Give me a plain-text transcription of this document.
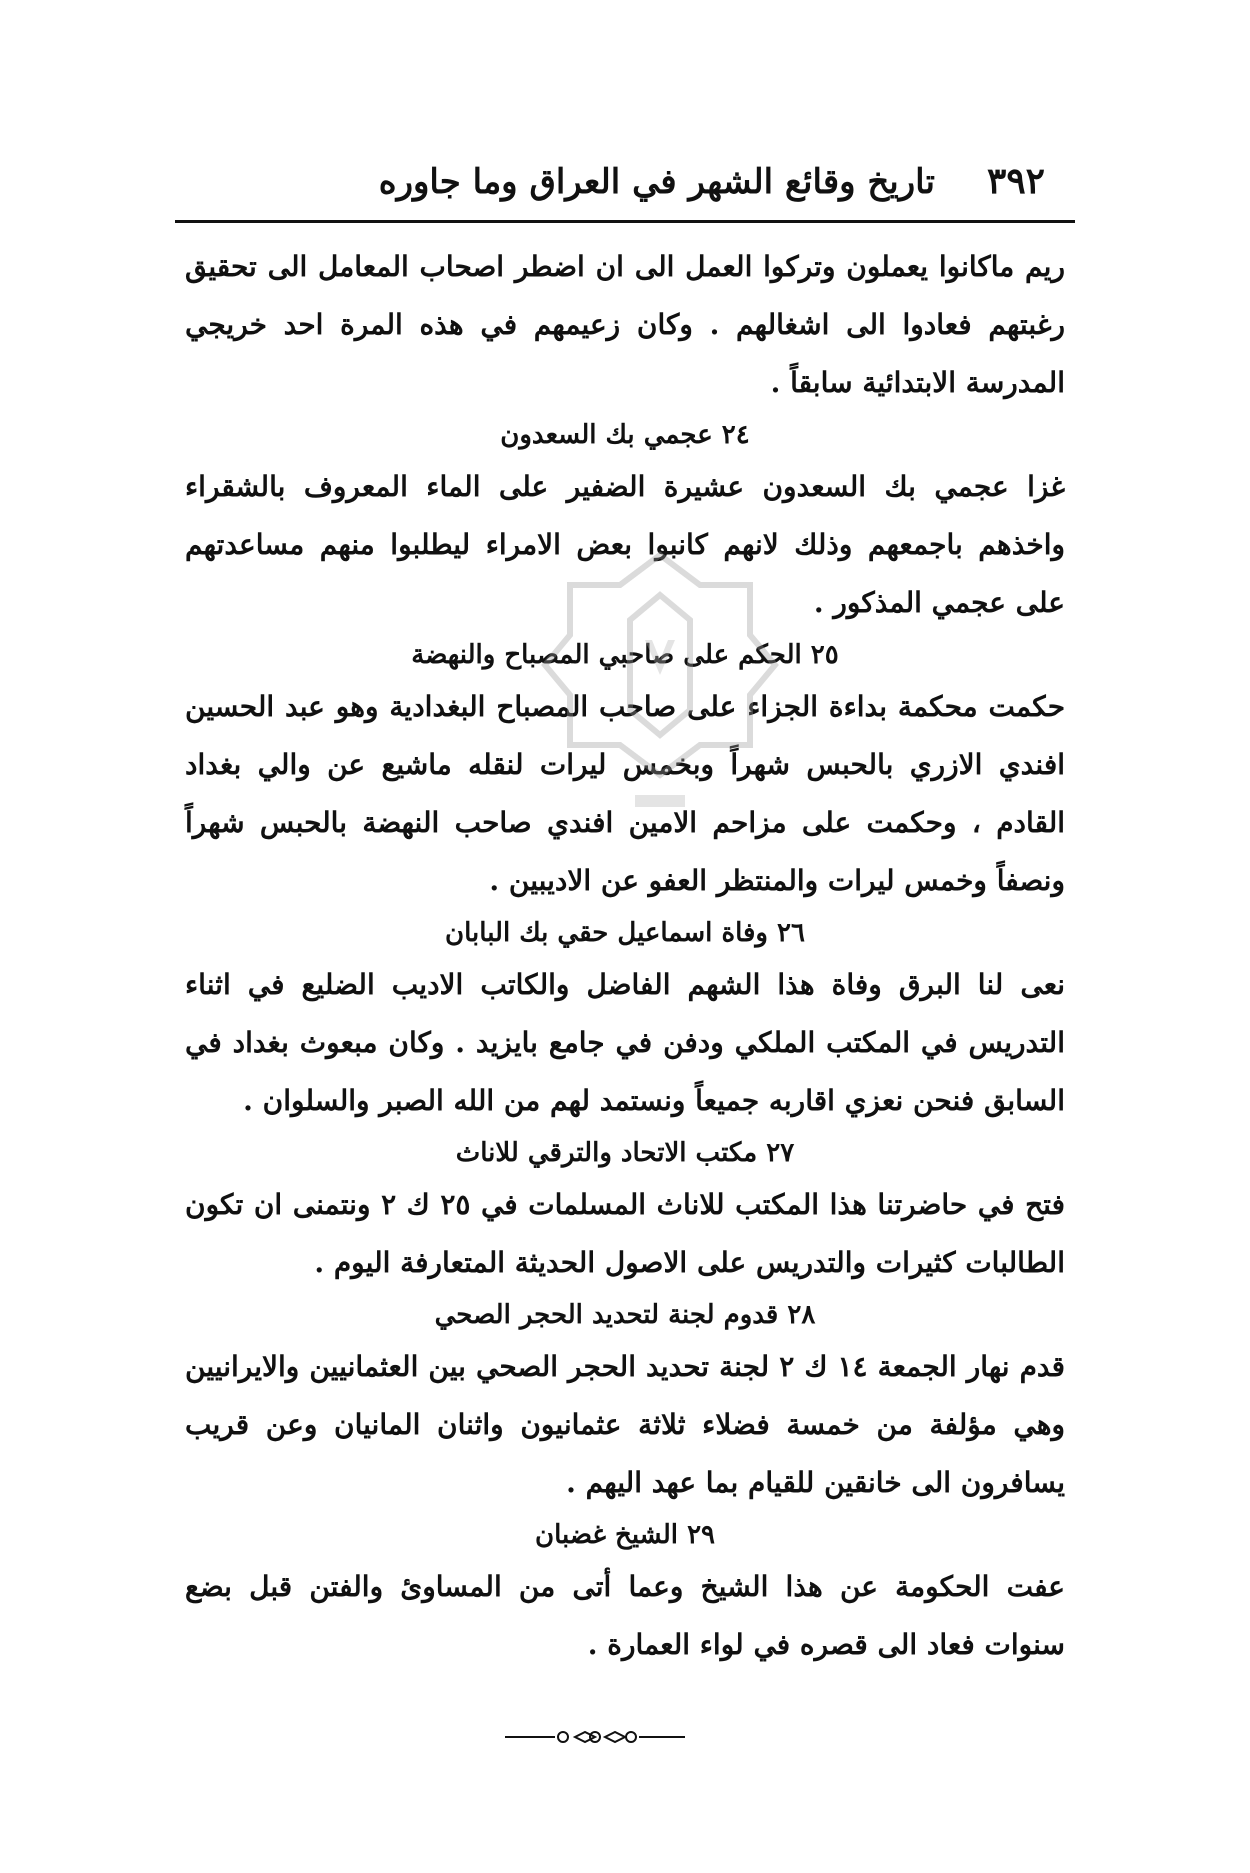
٣٩٢
تاريخ وقائع الشهر في العراق وما جاوره

ريم ماكانوا يعملون وتركوا العمل الى ان اضطر اصحاب المعامل الى تحقيق رغبتهم فعادوا الى اشغالهم . وكان زعيمهم في هذه المرة احد خريجي المدرسة الابتدائية سابقاً .

٢٤ عجمي بك السعدون

غزا عجمي بك السعدون عشيرة الضفير على الماء المعروف بالشقراء واخذهم باجمعهم وذلك لانهم كانبوا بعض الامراء ليطلبوا منهم مساعدتهم على عجمي المذكور .

٢٥ الحكم على صاحبي المصباح والنهضة

حكمت محكمة بداءة الجزاء على صاحب المصباح البغدادية وهو عبد الحسين افندي الازري بالحبس شهراً وبخمس ليرات لنقله ماشيع عن والي بغداد القادم ، وحكمت على مزاحم الامين افندي صاحب النهضة بالحبس شهراً ونصفاً وخمس ليرات والمنتظر العفو عن الاديبين .

٢٦ وفاة اسماعيل حقي بك البابان

نعى لنا البرق وفاة هذا الشهم الفاضل والكاتب الاديب الضليع في اثناء التدريس في المكتب الملكي ودفن في جامع بايزيد . وكان مبعوث بغداد في السابق فنحن نعزي اقاربه جميعاً ونستمد لهم من الله الصبر والسلوان .

٢٧ مكتب الاتحاد والترقي للاناث

فتح في حاضرتنا هذا المكتب للاناث المسلمات في ٢٥ ك ٢ ونتمنى ان تكون الطالبات كثيرات والتدريس على الاصول الحديثة المتعارفة اليوم .

٢٨ قدوم لجنة لتحديد الحجر الصحي

قدم نهار الجمعة ١٤ ك ٢ لجنة تحديد الحجر الصحي بين العثمانيين والايرانيين وهي مؤلفة من خمسة فضلاء ثلاثة عثمانيون واثنان المانيان وعن قريب يسافرون الى خانقين للقيام بما عهد اليهم .

٢٩ الشيخ غضبان

عفت الحكومة عن هذا الشيخ وعما أتى من المساوئ والفتن قبل بضع سنوات فعاد الى قصره في لواء العمارة .
